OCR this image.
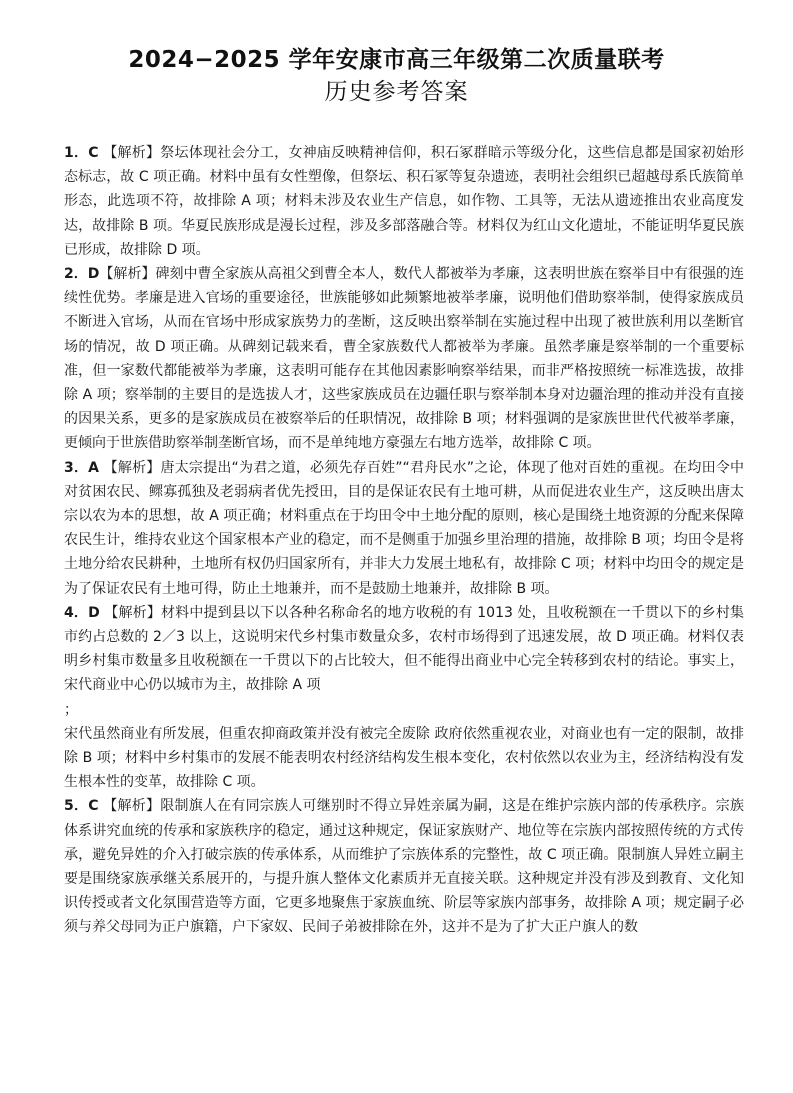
2024−2025 学年安康市高三年级第二次质量联考
历史参考答案

1．C 【解析】祭坛体现社会分工，女神庙反映精神信仰，积石冢群暗示等级分化，这些信息都是国家初始形态标志，故 C 项正确。材料中虽有女性塑像，但祭坛、积石冢等复杂遗迹，表明社会组织已超越母系氏族简单形态，此选项不符，故排除 A 项；材料未涉及农业生产信息，如作物、工具等，无法从遗迹推出农业高度发达，故排除 B 项。华夏民族形成是漫长过程，涉及多部落融合等。材料仅为红山文化遗址，不能证明华夏民族已形成，故排除 D 项。

2．D【解析】碑刻中曹全家族从高祖父到曹全本人，数代人都被举为孝廉，这表明世族在察举目中有很强的连续性优势。孝廉是进入官场的重要途径，世族能够如此频繁地被举孝廉，说明他们借助察举制，使得家族成员不断进入官场，从而在官场中形成家族势力的垄断，这反映出察举制在实施过程中出现了被世族利用以垄断官场的情况，故 D 项正确。从碑刻记载来看，曹全家族数代人都被举为孝廉。虽然孝廉是察举制的一个重要标准，但一家数代都能被举为孝廉，这表明可能存在其他因素影响察举结果，而非严格按照统一标准选拔，故排除 A 项；察举制的主要目的是选拔人才，这些家族成员在边疆任职与察举制本身对边疆治理的推动并没有直接的因果关系，更多的是家族成员在被察举后的任职情况，故排除 B 项；材料强调的是家族世世代代被举孝廉，更倾向于世族借助察举制垄断官场，而不是单纯地方豪强左右地方选举，故排除 C 项。

3．A 【解析】唐太宗提出“为君之道，必须先存百姓”“君舟民水”之论，体现了他对百姓的重视。在均田令中对贫困农民、鳏寡孤独及老弱病者优先授田，目的是保证农民有土地可耕，从而促进农业生产，这反映出唐太宗以农为本的思想，故 A 项正确；材料重点在于均田令中土地分配的原则，核心是围绕土地资源的分配来保障农民生计，维持农业这个国家根本产业的稳定，而不是侧重于加强乡里治理的措施，故排除 B 项；均田令是将土地分给农民耕种，土地所有权仍归国家所有，并非大力发展土地私有，故排除 C 项；材料中均田令的规定是为了保证农民有土地可得，防止土地兼并，而不是鼓励土地兼并，故排除 B 项。

4．D 【解析】材料中提到县以下以各种名称命名的地方收税的有 1013 处，且收税额在一千贯以下的乡村集市约占总数的 2／3 以上，这说明宋代乡村集市数量众多，农村市场得到了迅速发展，故 D 项正确。材料仅表明乡村集市数量多且收税额在一千贯以下的占比较大，但不能得出商业中心完全转移到农村的结论。事实上，宋代商业中心仍以城市为主，故排除 A 项

；

宋代虽然商业有所发展，但重农抑商政策并没有被完全废除 政府依然重视农业，对商业也有一定的限制，故排除 B 项；材料中乡村集市的发展不能表明农村经济结构发生根本变化，农村依然以农业为主，经济结构没有发生根本性的变革，故排除 C 项。

5．C 【解析】限制旗人在有同宗族人可继别时不得立异姓亲属为嗣，这是在维护宗族内部的传承秩序。宗族体系讲究血统的传承和家族秩序的稳定，通过这种规定，保证家族财产、地位等在宗族内部按照传统的方式传承，避免异姓的介入打破宗族的传承体系，从而维护了宗族体系的完整性，故 C 项正确。限制旗人异姓立嗣主要是围绕家族承继关系展开的，与提升旗人整体文化素质并无直接关联。这种规定并没有涉及到教育、文化知识传授或者文化氛围营造等方面，它更多地聚焦于家族血统、阶层等家族内部事务，故排除 A 项；规定嗣子必须与养父母同为正户旗籍，户下家奴、民间子弟被排除在外，这并不是为了扩大正户旗人的数
